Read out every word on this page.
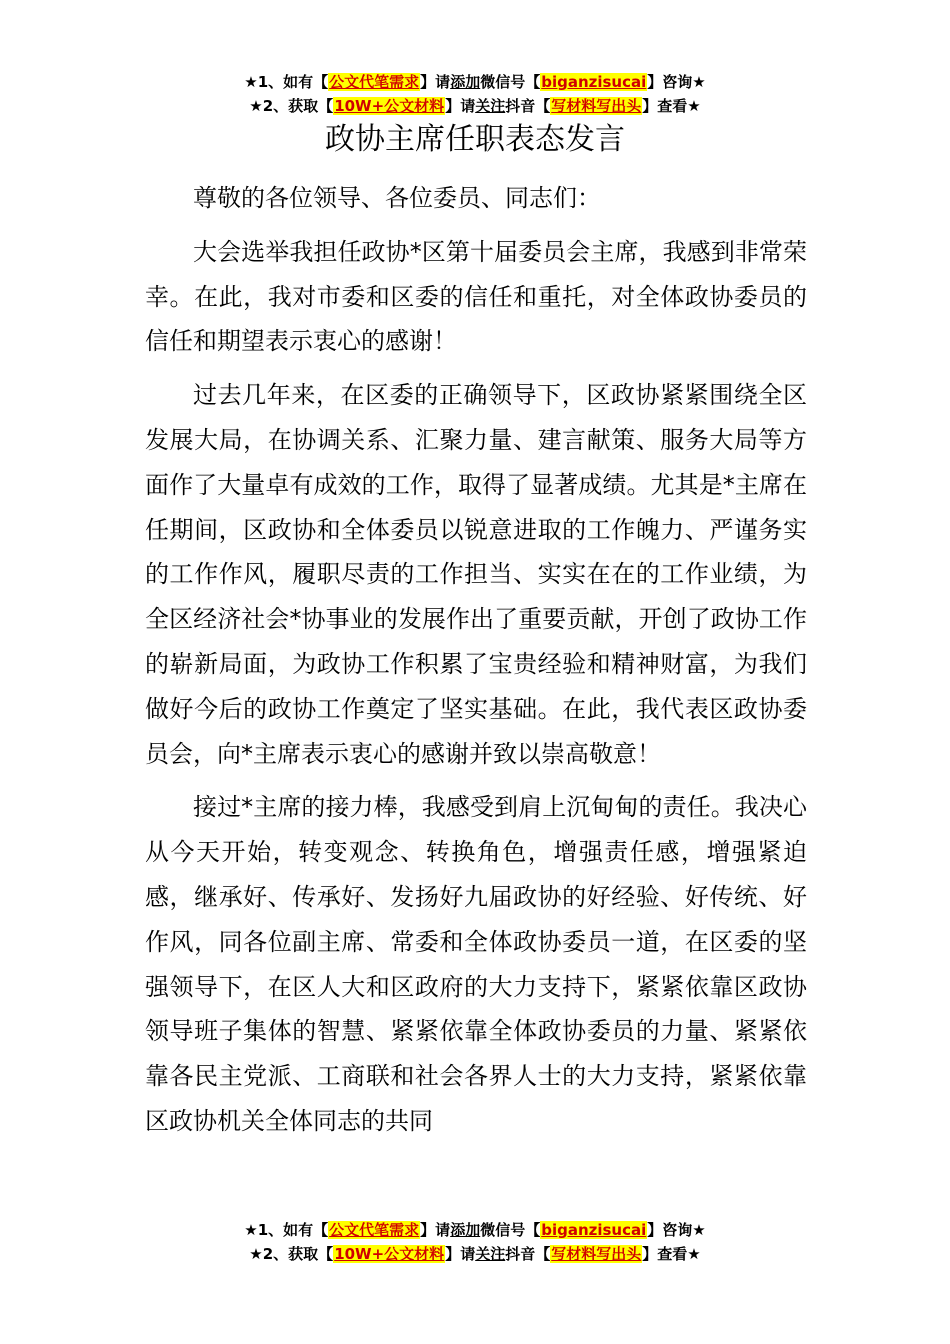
★1、如有【公文代笔需求】请添加微信号【biganzisucai】咨询★
★2、获取【10W+公文材料】请关注抖音【写材料写出头】查看★
政协主席任职表态发言

尊敬的各位领导、各位委员、同志们：

大会选举我担任政协*区第十届委员会主席，我感到非常荣幸。在此，我对市委和区委的信任和重托，对全体政协委员的信任和期望表示衷心的感谢！

过去几年来，在区委的正确领导下，区政协紧紧围绕全区发展大局，在协调关系、汇聚力量、建言献策、服务大局等方面作了大量卓有成效的工作，取得了显著成绩。尤其是*主席在任期间，区政协和全体委员以锐意进取的工作魄力、严谨务实的工作作风，履职尽责的工作担当、实实在在的工作业绩，为全区经济社会*协事业的发展作出了重要贡献，开创了政协工作的崭新局面，为政协工作积累了宝贵经验和精神财富，为我们做好今后的政协工作奠定了坚实基础。在此，我代表区政协委员会，向*主席表示衷心的感谢并致以崇高敬意！

接过*主席的接力棒，我感受到肩上沉甸甸的责任。我决心从今天开始，转变观念、转换角色，增强责任感，增强紧迫感，继承好、传承好、发扬好九届政协的好经验、好传统、好作风，同各位副主席、常委和全体政协委员一道，在区委的坚强领导下，在区人大和区政府的大力支持下，紧紧依靠区政协领导班子集体的智慧、紧紧依靠全体政协委员的力量、紧紧依靠各民主党派、工商联和社会各界人士的大力支持，紧紧依靠区政协机关全体同志的共同

★1、如有【公文代笔需求】请添加微信号【biganzisucai】咨询★
★2、获取【10W+公文材料】请关注抖音【写材料写出头】查看★
